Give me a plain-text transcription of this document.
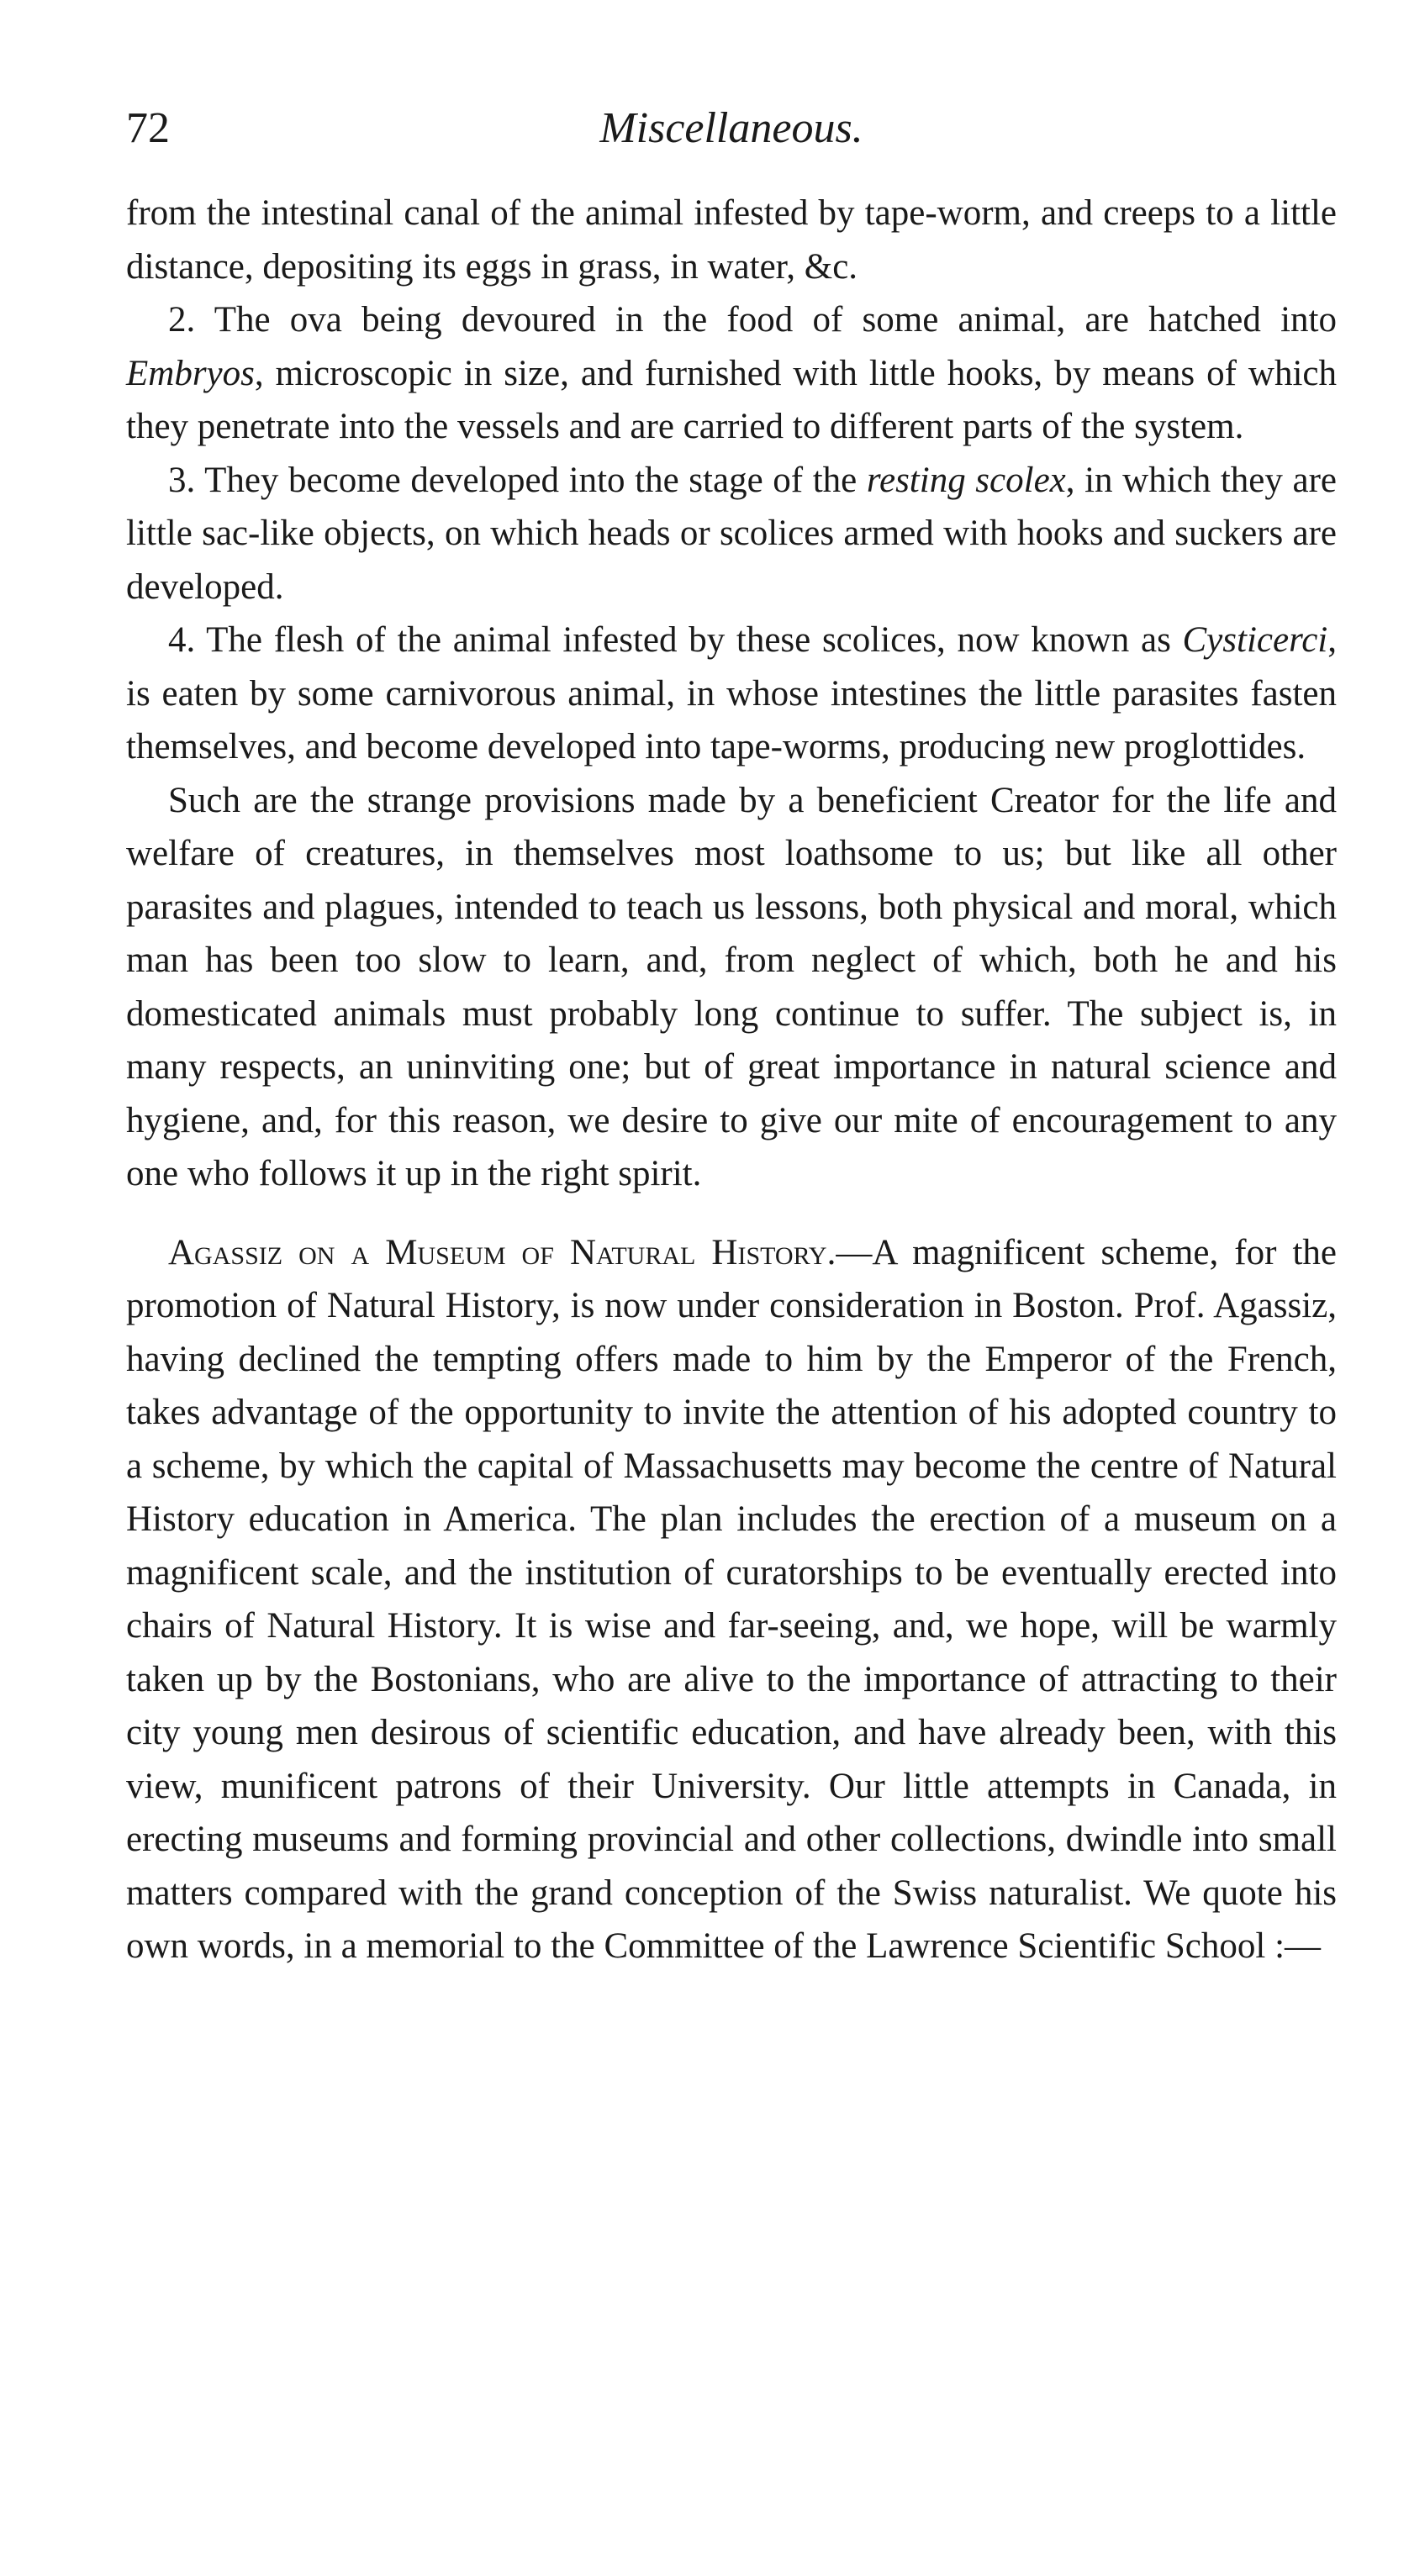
72	Miscellaneous.

from the intestinal canal of the animal infested by tape-worm, and creeps to a little distance, depositing its eggs in grass, in water, &c.

2. The ova being devoured in the food of some animal, are hatched into Embryos, microscopic in size, and furnished with little hooks, by means of which they penetrate into the vessels and are carried to different parts of the system.

3. They become developed into the stage of the resting scolex, in which they are little sac-like objects, on which heads or scolices armed with hooks and suckers are developed.

4. The flesh of the animal infested by these scolices, now known as Cysticerci, is eaten by some carnivorous animal, in whose intestines the little parasites fasten themselves, and become developed into tape-worms, producing new proglottides.

Such are the strange provisions made by a beneficient Creator for the life and welfare of creatures, in themselves most loathsome to us; but like all other parasites and plagues, intended to teach us lessons, both physical and moral, which man has been too slow to learn, and, from neglect of which, both he and his domesticated animals must probably long continue to suffer. The subject is, in many respects, an uninviting one; but of great importance in natural science and hygiene, and, for this reason, we desire to give our mite of encouragement to any one who follows it up in the right spirit.

Agassiz on a Museum of Natural History.—A magnificent scheme, for the promotion of Natural History, is now under consideration in Boston. Prof. Agassiz, having declined the tempting offers made to him by the Emperor of the French, takes advantage of the opportunity to invite the attention of his adopted country to a scheme, by which the capital of Massachusetts may become the centre of Natural History education in America. The plan includes the erection of a museum on a magnificent scale, and the institution of curatorships to be eventually erected into chairs of Natural History. It is wise and far-seeing, and, we hope, will be warmly taken up by the Bostonians, who are alive to the importance of attracting to their city young men desirous of scientific education, and have already been, with this view, munificent patrons of their University. Our little attempts in Canada, in erecting museums and forming provincial and other collections, dwindle into small matters compared with the grand conception of the Swiss naturalist. We quote his own words, in a memorial to the Committee of the Lawrence Scientific School :—
